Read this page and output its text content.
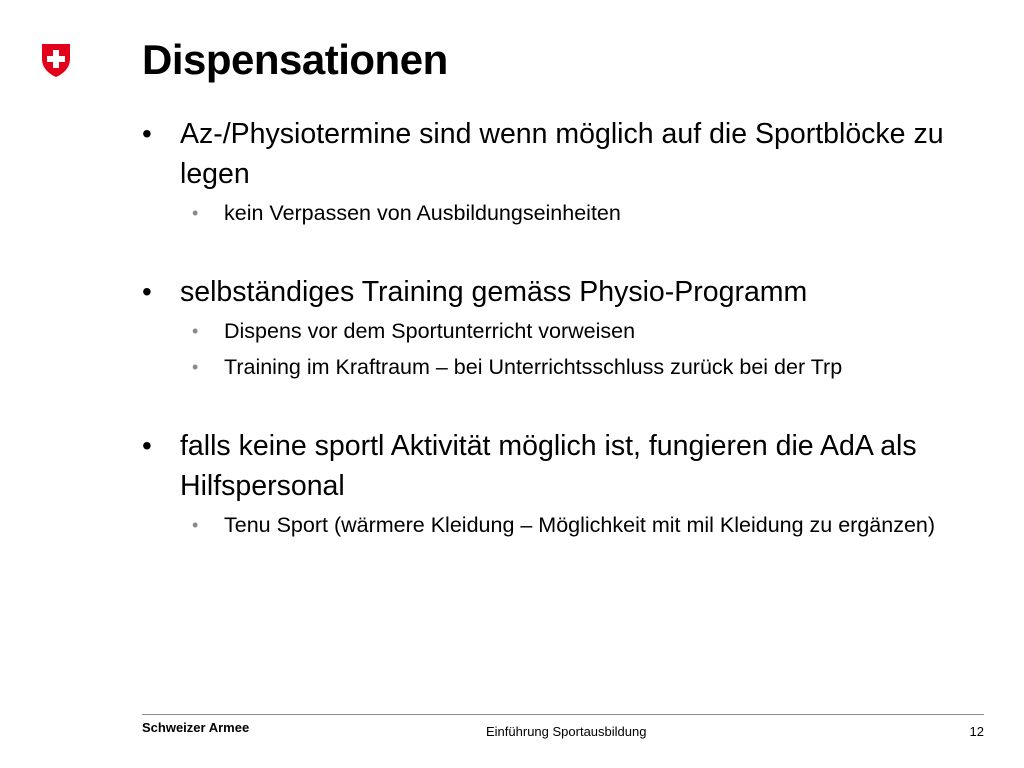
Dispensationen
• Az-/Physiotermine sind wenn möglich auf die Sportblöcke zu legen
• kein Verpassen von Ausbildungseinheiten
• selbständiges Training gemäss Physio-Programm
• Dispens vor dem Sportunterricht vorweisen
• Training im Kraftraum – bei Unterrichtsschluss zurück bei der Trp
• falls keine sportl Aktivität möglich ist, fungieren die AdA als Hilfspersonal
• Tenu Sport (wärmere Kleidung – Möglichkeit mit mil Kleidung zu ergänzen)
Schweizer Armee	Einführung Sportausbildung	12
